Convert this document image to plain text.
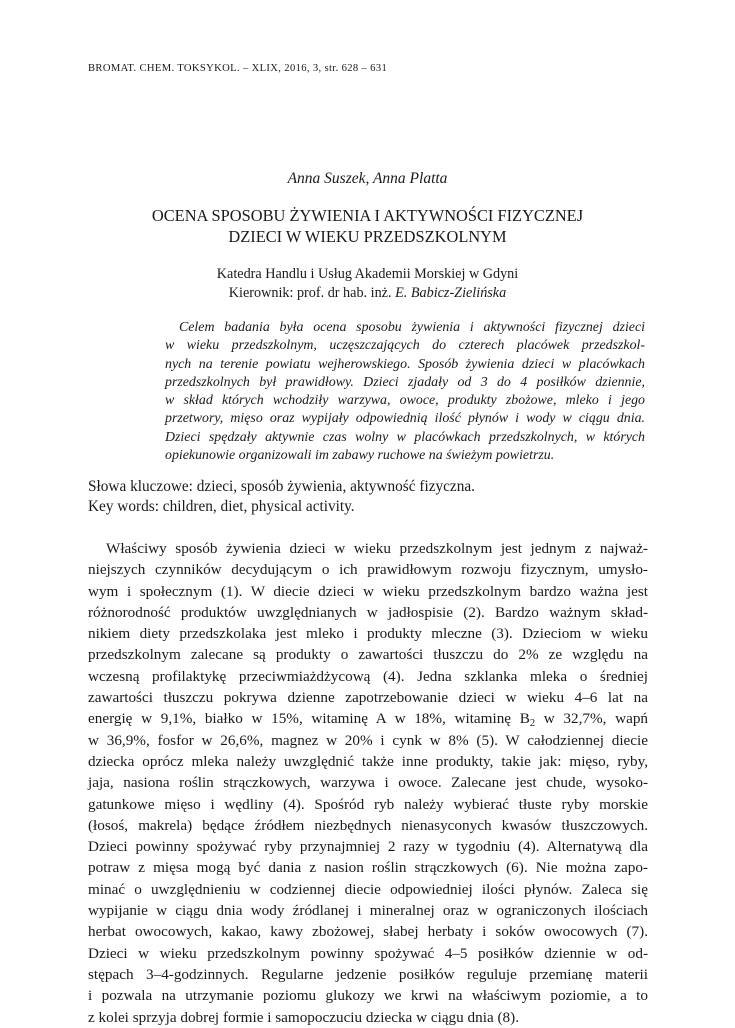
BROMAT. CHEM. TOKSYKOL. – XLIX, 2016, 3, str. 628 – 631
Anna Suszek, Anna Platta
OCENA SPOSOBU ŻYWIENIA I AKTYWNOŚCI FIZYCZNEJ
DZIECI W WIEKU PRZEDSZKOLNYM
Katedra Handlu i Usług Akademii Morskiej w Gdyni
Kierownik: prof. dr hab. inż. E. Babicz-Zielińska
Celem badania była ocena sposobu żywienia i aktywności fizycznej dzieci
w wieku przedszkolnym, uczęszczających do czterech placówek przedszkol-
nych na terenie powiatu wejherowskiego. Sposób żywienia dzieci w placówkach
przedszkolnych był prawidłowy. Dzieci zjadały od 3 do 4 posiłków dziennie,
w skład których wchodziły warzywa, owoce, produkty zbożowe, mleko i jego
przetwory, mięso oraz wypijały odpowiednią ilość płynów i wody w ciągu dnia.
Dzieci spędzały aktywnie czas wolny w placówkach przedszkolnych, w których
opiekunowie organizowali im zabawy ruchowe na świeżym powietrzu.
Słowa kluczowe: dzieci, sposób żywienia, aktywność fizyczna.
Key words: children, diet, physical activity.
Właściwy sposób żywienia dzieci w wieku przedszkolnym jest jednym z najważ-
niejszych czynników decydującym o ich prawidłowym rozwoju fizycznym, umysło-
wym i społecznym (1). W diecie dzieci w wieku przedszkolnym bardzo ważna jest
różnorodność produktów uwzględnianych w jadłospisie (2). Bardzo ważnym skład-
nikiem diety przedszkolaka jest mleko i produkty mleczne (3). Dzieciom w wieku
przedszkolnym zalecane są produkty o zawartości tłuszczu do 2% ze względu na
wczesną profilaktykę przeciwmiażdżycową (4). Jedna szklanka mleka o średniej
zawartości tłuszczu pokrywa dzienne zapotrzebowanie dzieci w wieku 4–6 lat na
energię w 9,1%, białko w 15%, witaminę A w 18%, witaminę $B_2$ w 32,7%, wapń
w 36,9%, fosfor w 26,6%, magnez w 20% i cynk w 8% (5). W całodziennej diecie
dziecka oprócz mleka należy uwzględnić także inne produkty, takie jak: mięso, ryby,
jaja, nasiona roślin strączkowych, warzywa i owoce. Zalecane jest chude, wysoko-
gatunkowe mięso i wędliny (4). Spośród ryb należy wybierać tłuste ryby morskie
(łosoś, makrela) będące źródłem niezbędnych nienasyconych kwasów tłuszczowych.
Dzieci powinny spożywać ryby przynajmniej 2 razy w tygodniu (4). Alternatywą dla
potraw z mięsa mogą być dania z nasion roślin strączkowych (6). Nie można zapo-
minać o uwzględnieniu w codziennej diecie odpowiedniej ilości płynów. Zaleca się
wypijanie w ciągu dnia wody źródlanej i mineralnej oraz w ograniczonych ilościach
herbat owocowych, kakao, kawy zbożowej, słabej herbaty i soków owocowych (7).
Dzieci w wieku przedszkolnym powinny spożywać 4–5 posiłków dziennie w od-
stępach 3–4-godzinnych. Regularne jedzenie posiłków reguluje przemianę materii
i pozwala na utrzymanie poziomu glukozy we krwi na właściwym poziomie, a to
z kolei sprzyja dobrej formie i samopoczuciu dziecka w ciągu dnia (8).
